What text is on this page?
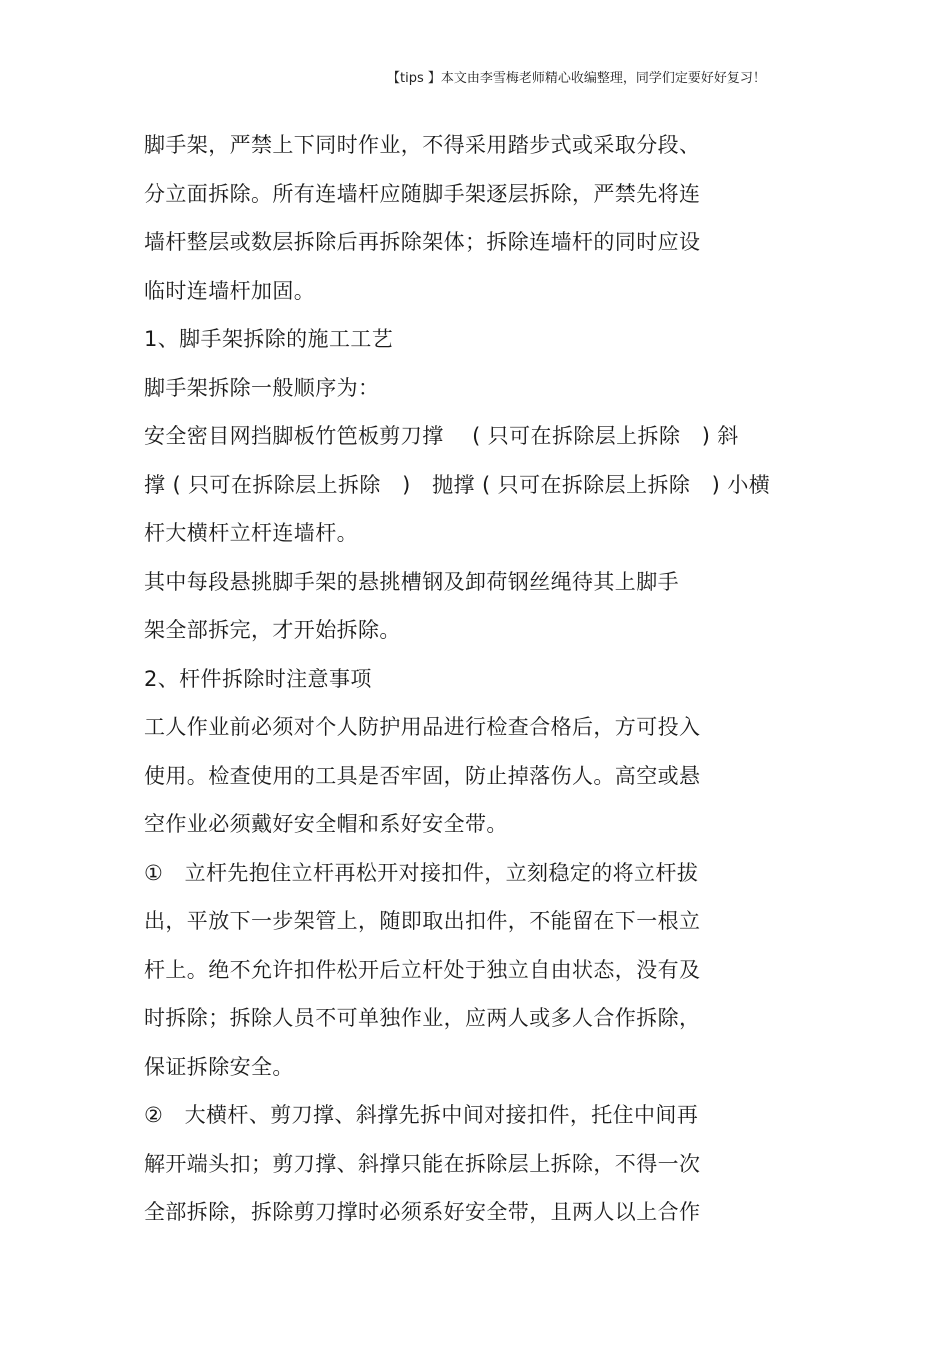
【tips 】本文由李雪梅老师精心收编整理，同学们定要好好复习！
脚手架，严禁上下同时作业，不得采用踏步式或采取分段、
分立面拆除。所有连墙杆应随脚手架逐层拆除，严禁先将连
墙杆整层或数层拆除后再拆除架体；拆除连墙杆的同时应设
临时连墙杆加固。
1、脚手架拆除的施工工艺
脚手架拆除一般顺序为：
安全密目网挡脚板竹笆板剪刀撑　 ( 只可在拆除层上拆除　) 斜
撑 ( 只可在拆除层上拆除　)　抛撑 ( 只可在拆除层上拆除　) 小横
杆大横杆立杆连墙杆。
其中每段悬挑脚手架的悬挑槽钢及卸荷钢丝绳待其上脚手
架全部拆完，才开始拆除。
2、杆件拆除时注意事项
工人作业前必须对个人防护用品进行检查合格后，方可投入
使用。检查使用的工具是否牢固，防止掉落伤人。高空或悬
空作业必须戴好安全帽和系好安全带。
①　立杆先抱住立杆再松开对接扣件，立刻稳定的将立杆拔
出，平放下一步架管上，随即取出扣件，不能留在下一根立
杆上。绝不允许扣件松开后立杆处于独立自由状态，没有及
时拆除；拆除人员不可单独作业，应两人或多人合作拆除，
保证拆除安全。
②　大横杆、剪刀撑、斜撑先拆中间对接扣件，托住中间再
解开端头扣；剪刀撑、斜撑只能在拆除层上拆除，不得一次
全部拆除，拆除剪刀撑时必须系好安全带，且两人以上合作
